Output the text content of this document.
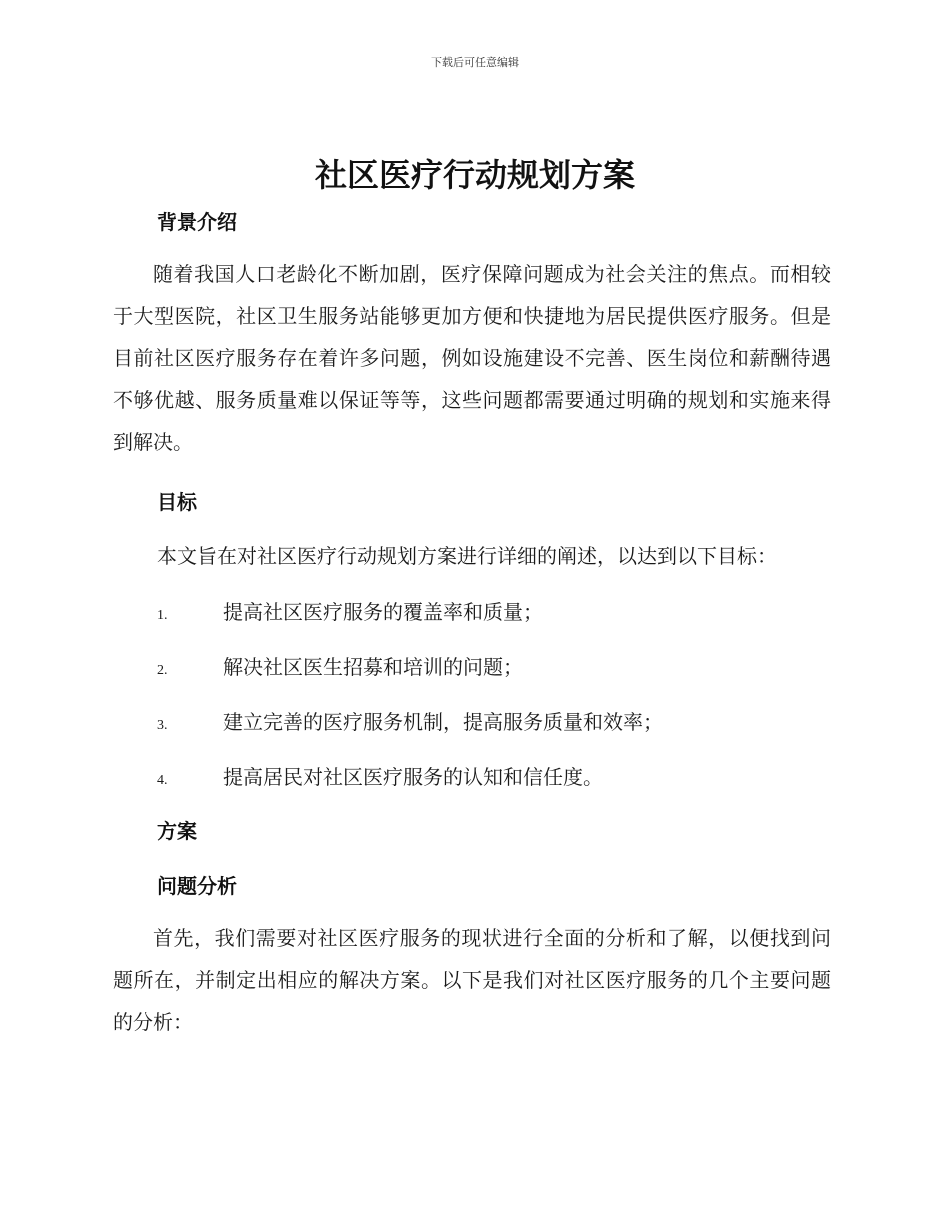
下载后可任意编辑
社区医疗行动规划方案
背景介绍

随着我国人口老龄化不断加剧，医疗保障问题成为社会关注的焦点。而相较于大型医院，社区卫生服务站能够更加方便和快捷地为居民提供医疗服务。但是目前社区医疗服务存在着许多问题，例如设施建设不完善、医生岗位和薪酬待遇不够优越、服务质量难以保证等等，这些问题都需要通过明确的规划和实施来得到解决。

目标

本文旨在对社区医疗行动规划方案进行详细的阐述，以达到以下目标：

1.	提高社区医疗服务的覆盖率和质量；
2.	解决社区医生招募和培训的问题；
3.	建立完善的医疗服务机制，提高服务质量和效率；
4.	提高居民对社区医疗服务的认知和信任度。
方案
问题分析

首先，我们需要对社区医疗服务的现状进行全面的分析和了解，以便找到问题所在，并制定出相应的解决方案。以下是我们对社区医疗服务的几个主要问题的分析：
